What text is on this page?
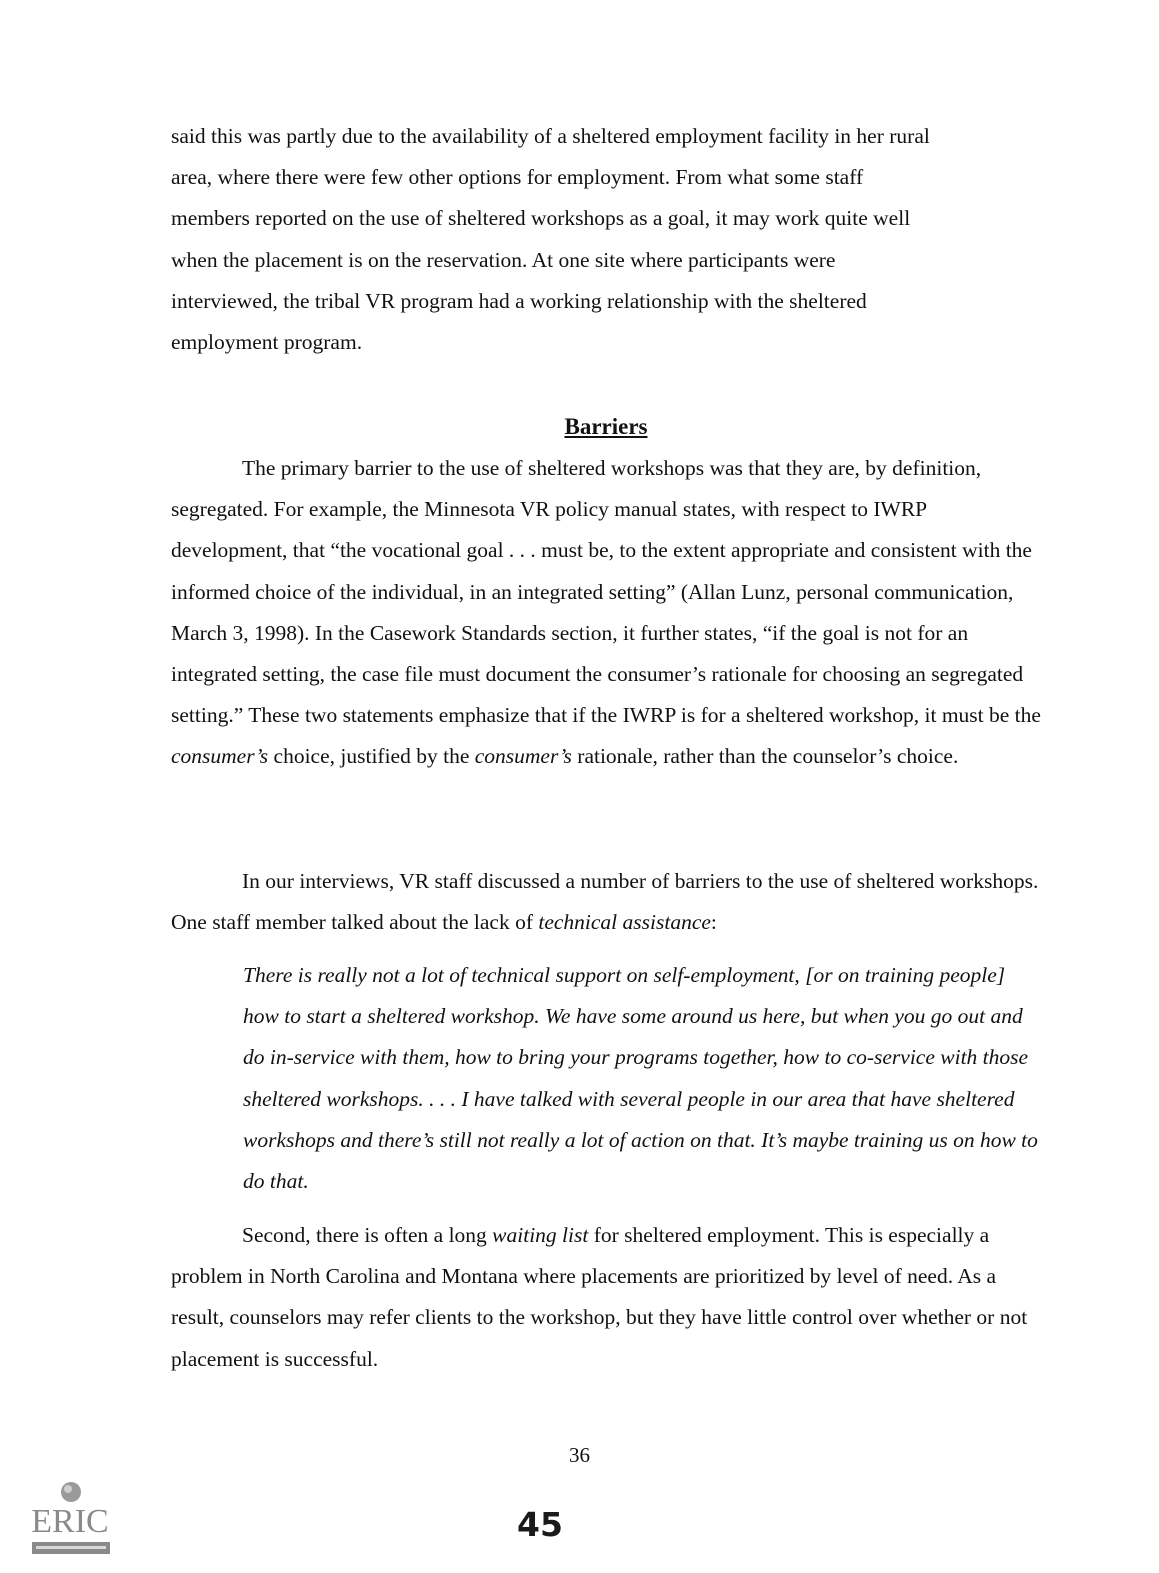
said this was partly due to the availability of a sheltered employment facility in her rural
area, where there were few other options for employment. From what some staff
members reported on the use of sheltered workshops as a goal, it may work quite well
when the placement is on the reservation. At one site where participants were
interviewed, the tribal VR program had a working relationship with the sheltered
employment program.
Barriers

The primary barrier to the use of sheltered workshops was that they are, by definition, segregated. For example, the Minnesota VR policy manual states, with respect to IWRP development, that “the vocational goal . . . must be, to the extent appropriate and consistent with the informed choice of the individual, in an integrated setting” (Allan Lunz, personal communication, March 3, 1998). In the Casework Standards section, it further states, “if the goal is not for an integrated setting, the case file must document the consumer’s rationale for choosing an segregated setting.” These two statements emphasize that if the IWRP is for a sheltered workshop, it must be the consumer’s choice, justified by the consumer’s rationale, rather than the counselor’s choice.

In our interviews, VR staff discussed a number of barriers to the use of sheltered workshops. One staff member talked about the lack of technical assistance:

There is really not a lot of technical support on self-employment, [or on training people] how to start a sheltered workshop. We have some around us here, but when you go out and do in-service with them, how to bring your programs together, how to co-service with those sheltered workshops. . . . I have talked with several people in our area that have sheltered workshops and there’s still not really a lot of action on that. It’s maybe training us on how to do that.

Second, there is often a long waiting list for sheltered employment. This is especially a problem in North Carolina and Montana where placements are prioritized by level of need. As a result, counselors may refer clients to the workshop, but they have little control over whether or not placement is successful.

36
45
ERIC
